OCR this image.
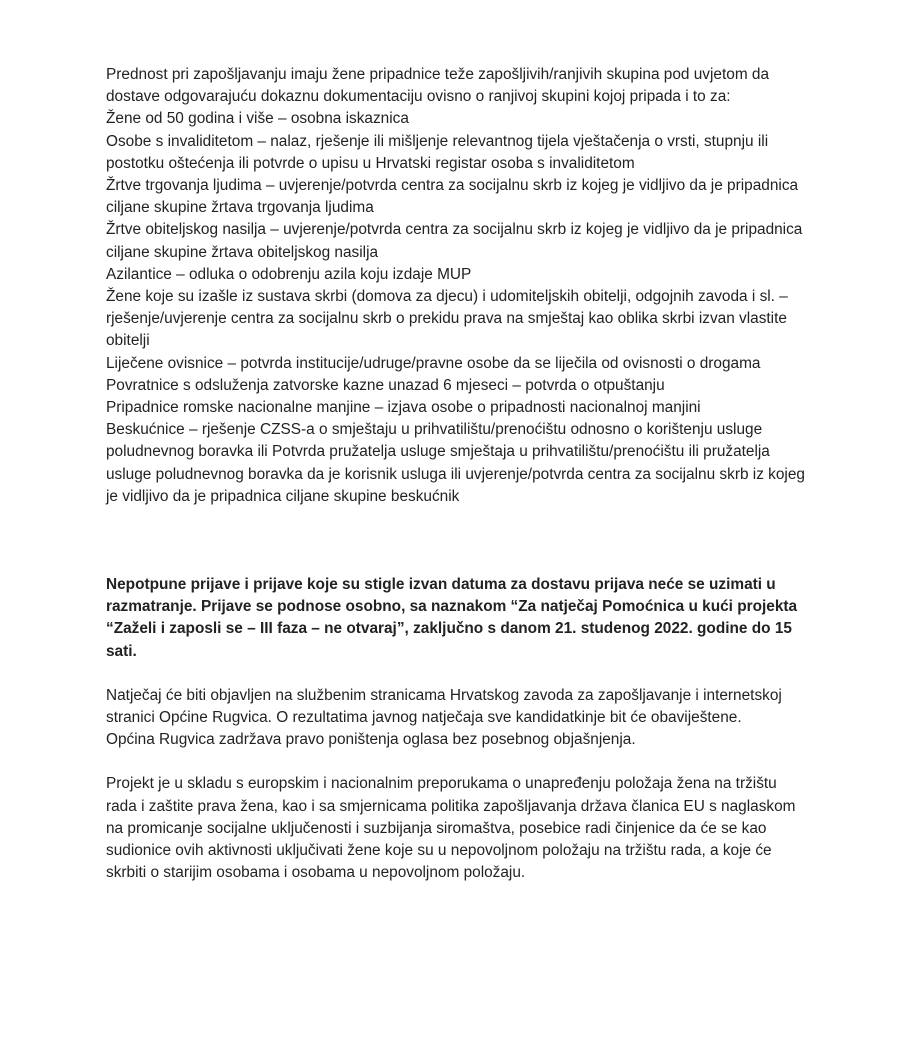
Prednost pri zapošljavanju imaju žene pripadnice teže zapošljivih/ranjivih skupina pod uvjetom da dostave odgovarajuću dokaznu dokumentaciju ovisno o ranjivoj skupini kojoj pripada i to za:

Žene od 50 godina i više – osobna iskaznica
Osobe s invaliditetom – nalaz, rješenje ili mišljenje relevantnog tijela vještačenja o vrsti, stupnju ili postotku oštećenja ili potvrde o upisu u Hrvatski registar osoba s invaliditetom
Žrtve trgovanja ljudima – uvjerenje/potvrda centra za socijalnu skrb iz kojeg je vidljivo da je pripadnica ciljane skupine žrtava trgovanja ljudima
Žrtve obiteljskog nasilja – uvjerenje/potvrda centra za socijalnu skrb iz kojeg je vidljivo da je pripadnica ciljane skupine žrtava obiteljskog nasilja
Azilantice – odluka o odobrenju azila koju izdaje MUP
Žene koje su izašle iz sustava skrbi (domova za djecu) i udomiteljskih obitelji, odgojnih zavoda i sl. – rješenje/uvjerenje centra za socijalnu skrb o prekidu prava na smještaj kao oblika skrbi izvan vlastite obitelji
Liječene ovisnice – potvrda institucije/udruge/pravne osobe da se liječila od ovisnosti o drogama
Povratnice s odsluženja zatvorske kazne unazad 6 mjeseci – potvrda o otpuštanju
Pripadnice romske nacionalne manjine – izjava osobe o pripadnosti nacionalnoj manjini
Beskućnice – rješenje CZSS-a o smještaju u prihvatilištu/prenoćištu odnosno o korištenju usluge poludnevnog boravka ili Potvrda pružatelja usluge smještaja u prihvatilištu/prenoćištu ili pružatelja usluge poludnevnog boravka da je korisnik usluga ili uvjerenje/potvrda centra za socijalnu skrb iz kojeg je vidljivo da je pripadnica ciljane skupine beskućnik

Nepotpune prijave i prijave koje su stigle izvan datuma za dostavu prijava neće se uzimati u razmatranje. Prijave se podnose osobno, sa naznakom “Za natječaj Pomoćnica u kući projekta “Zaželi i zaposli se – III faza – ne otvaraj”, zaključno s danom 21. studenog 2022. godine do 15 sati.

Natječaj će biti objavljen na službenim stranicama Hrvatskog zavoda za zapošljavanje i internetskoj stranici Općine Rugvica. O rezultatima javnog natječaja sve kandidatkinje bit će obaviještene.

Općina Rugvica zadržava pravo poništenja oglasa bez posebnog objašnjenja.

Projekt je u skladu s europskim i nacionalnim preporukama o unapređenju položaja žena na tržištu rada i zaštite prava žena, kao i sa smjernicama politika zapošljavanja država članica EU s naglaskom na promicanje socijalne uključenosti i suzbijanja siromaštva, posebice radi činjenice da će se kao sudionice ovih aktivnosti uključivati žene koje su u nepovoljnom položaju na tržištu rada, a koje će skrbiti o starijim osobama i osobama u nepovoljnom položaju.
